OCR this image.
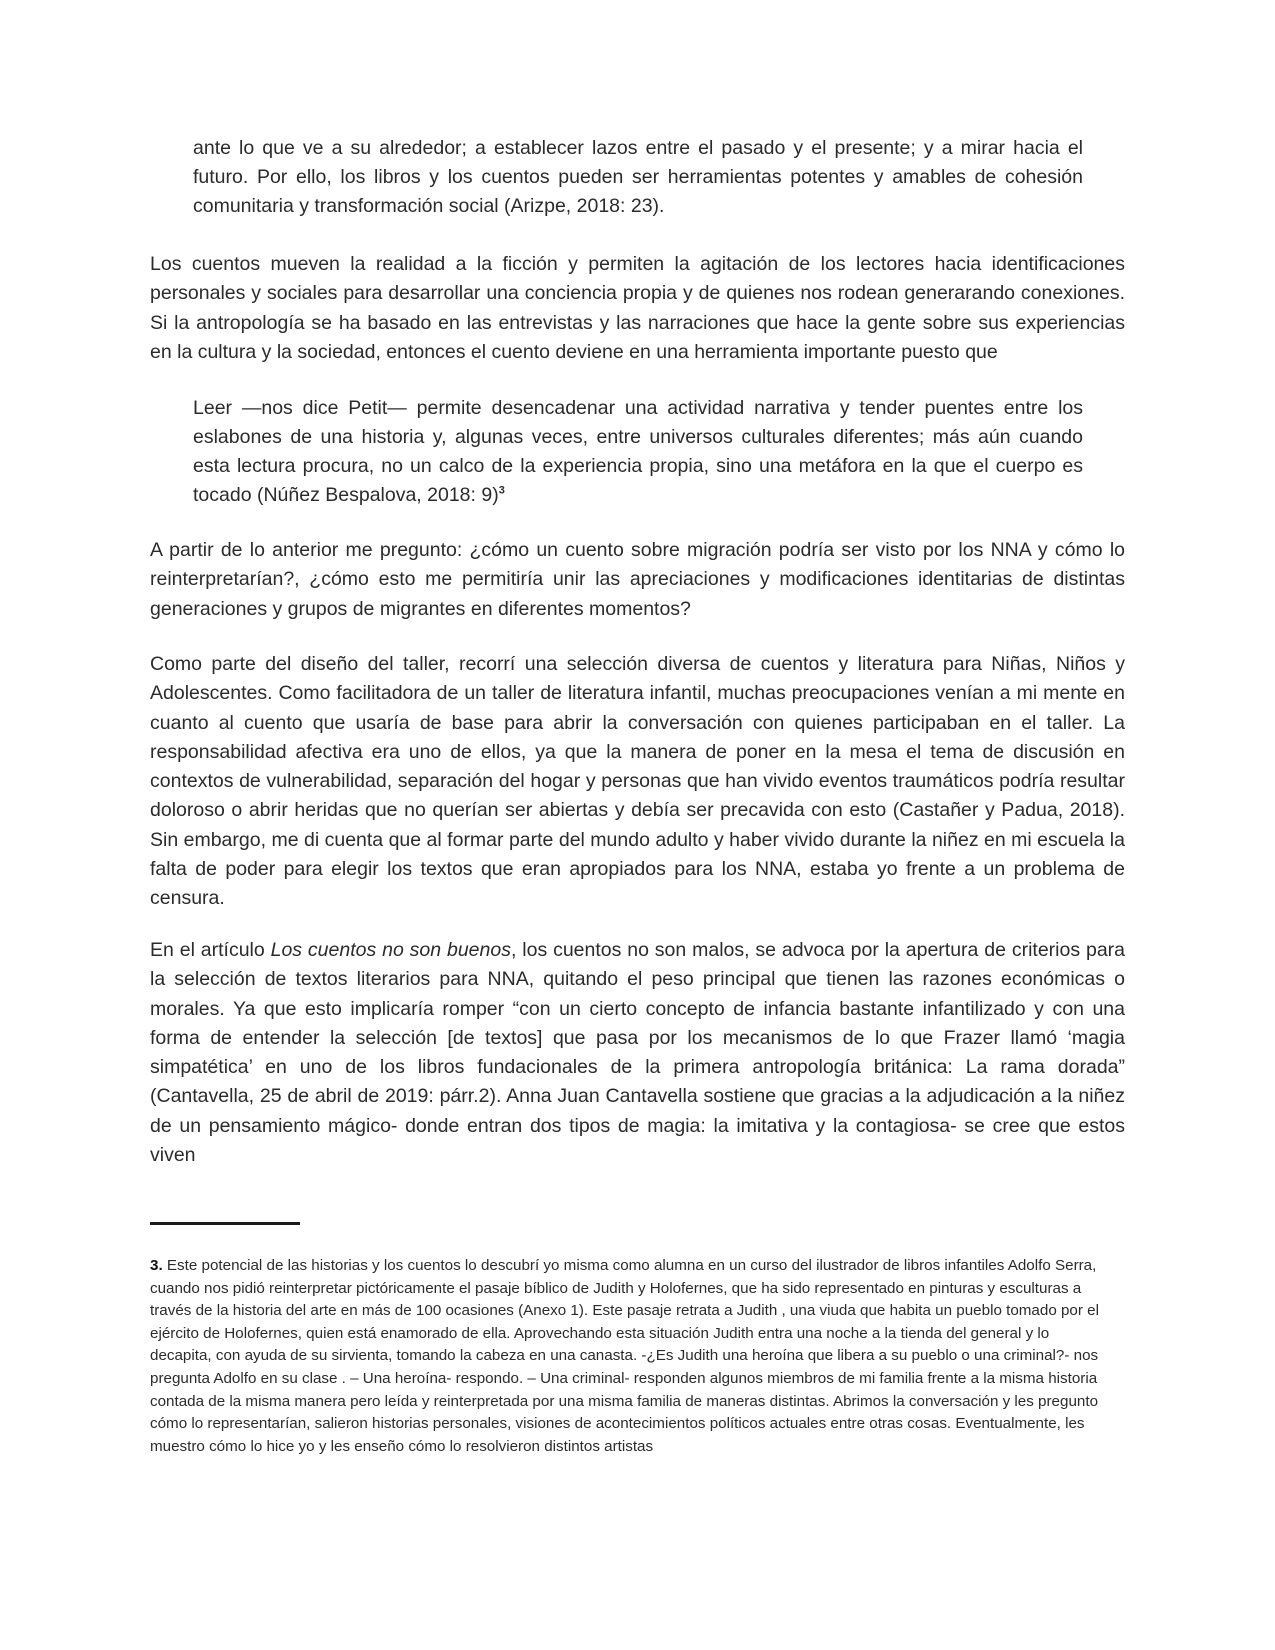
ante lo que ve a su alrededor; a establecer lazos entre el pasado y el presente; y a mirar hacia el futuro. Por ello, los libros y los cuentos pueden ser herramientas potentes y amables de cohesión comunitaria y transformación social (Arizpe, 2018: 23).

Los cuentos mueven la realidad a la ficción y permiten la agitación de los lectores hacia identificaciones personales y sociales para desarrollar una conciencia propia y de quienes nos rodean generarando conexiones. Si la antropología se ha basado en las entrevistas y las narraciones que hace la gente sobre sus experiencias en la cultura y la sociedad, entonces el cuento deviene en una herramienta importante puesto que

Leer —nos dice Petit— permite desencadenar una actividad narrativa y tender puentes entre los eslabones de una historia y, algunas veces, entre universos culturales diferentes; más aún cuando esta lectura procura, no un calco de la experiencia propia, sino una metáfora en la que el cuerpo es tocado (Núñez Bespalova, 2018: 9)$^3$

A partir de lo anterior me pregunto: ¿cómo un cuento sobre migración podría ser visto por los NNA y cómo lo reinterpretarían?, ¿cómo esto me permitiría unir las apreciaciones y modificaciones identitarias de distintas generaciones y grupos de migrantes en diferentes momentos?

Como parte del diseño del taller, recorrí una selección diversa de cuentos y literatura para Niñas, Niños y Adolescentes. Como facilitadora de un taller de literatura infantil, muchas preocupaciones venían a mi mente en cuanto al cuento que usaría de base para abrir la conversación con quienes participaban en el taller. La responsabilidad afectiva era uno de ellos, ya que la manera de poner en la mesa el tema de discusión en contextos de vulnerabilidad, separación del hogar y personas que han vivido eventos traumáticos podría resultar doloroso o abrir heridas que no querían ser abiertas y debía ser precavida con esto (Castañer y Padua, 2018). Sin embargo, me di cuenta que al formar parte del mundo adulto y haber vivido durante la niñez en mi escuela la falta de poder para elegir los textos que eran apropiados para los NNA, estaba yo frente a un problema de censura.

En el artículo Los cuentos no son buenos, los cuentos no son malos, se advoca por la apertura de criterios para la selección de textos literarios para NNA, quitando el peso principal que tienen las razones económicas o morales. Ya que esto implicaría romper “con un cierto concepto de infancia bastante infantilizado y con una forma de entender la selección [de textos] que pasa por los mecanismos de lo que Frazer llamó ‘magia simpatética’ en uno de los libros fundacionales de la primera antropología británica: La rama dorada” (Cantavella, 25 de abril de 2019: párr.2). Anna Juan Cantavella sostiene que gracias a la adjudicación a la niñez de un pensamiento mágico- donde entran dos tipos de magia: la imitativa y la contagiosa- se cree que estos viven

3. Este potencial de las historias y los cuentos lo descubrí yo misma como alumna en un curso del ilustrador de libros infantiles Adolfo Serra, cuando nos pidió reinterpretar pictóricamente el pasaje bíblico de Judith y Holofernes, que ha sido representado en pinturas y esculturas a través de la historia del arte en más de 100 ocasiones (Anexo 1). Este pasaje retrata a Judith , una viuda que habita un pueblo tomado por el ejército de Holofernes, quien está enamorado de ella. Aprovechando esta situación Judith entra una noche a la tienda del general y lo decapita, con ayuda de su sirvienta, tomando la cabeza en una canasta. -¿Es Judith una heroína que libera a su pueblo o una criminal?- nos pregunta Adolfo en su clase . – Una heroína- respondo. – Una criminal- responden algunos miembros de mi familia frente a la misma historia contada de la misma manera pero leída y reinterpretada por una misma familia de maneras distintas. Abrimos la conversación y les pregunto cómo lo representarían, salieron historias personales, visiones de acontecimientos políticos actuales entre otras cosas. Eventualmente, les muestro cómo lo hice yo y les enseño cómo lo resolvieron distintos artistas
